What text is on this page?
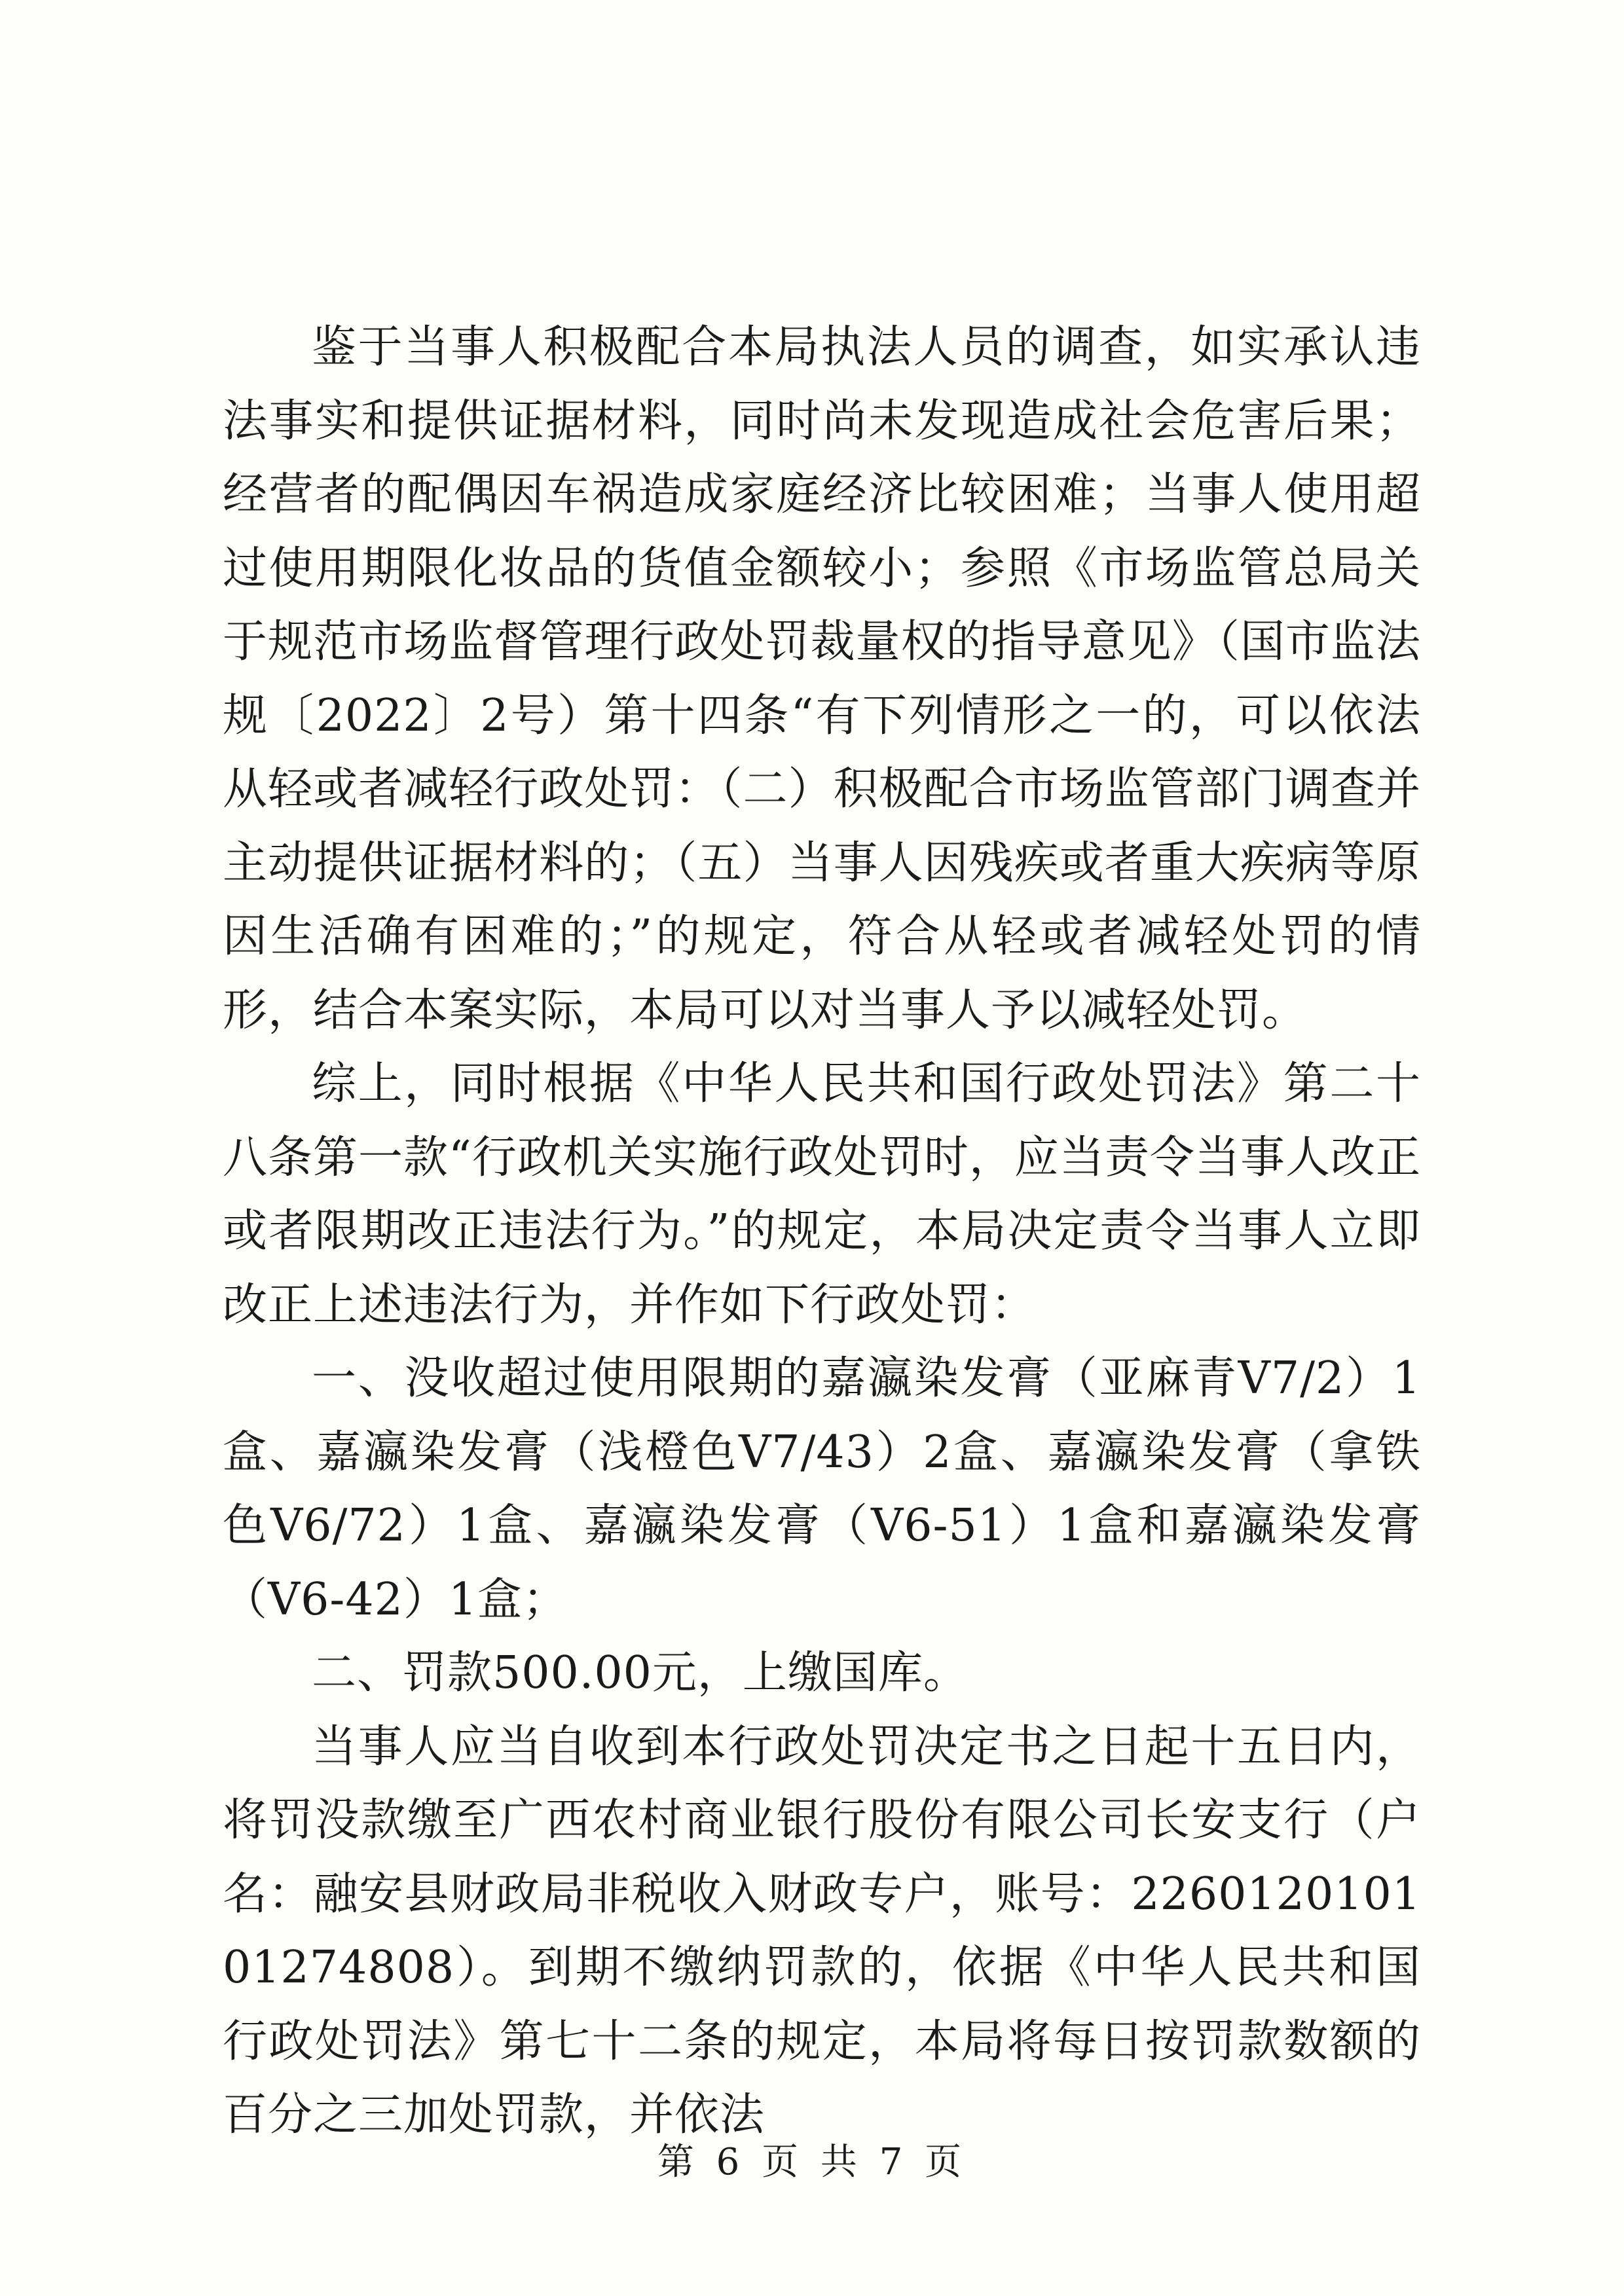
鉴于当事人积极配合本局执法人员的调查，如实承认违法事实和提供证据材料，同时尚未发现造成社会危害后果；经营者的配偶因车祸造成家庭经济比较困难；当事人使用超过使用期限化妆品的货值金额较小；参照《市场监管总局关于规范市场监督管理行政处罚裁量权的指导意见》（国市监法规〔2022〕2号）第十四条“有下列情形之一的，可以依法从轻或者减轻行政处罚：（二）积极配合市场监管部门调查并主动提供证据材料的；（五）当事人因残疾或者重大疾病等原因生活确有困难的；”的规定，符合从轻或者减轻处罚的情形，结合本案实际，本局可以对当事人予以减轻处罚。

综上，同时根据《中华人民共和国行政处罚法》第二十八条第一款“行政机关实施行政处罚时，应当责令当事人改正或者限期改正违法行为。”的规定，本局决定责令当事人立即改正上述违法行为，并作如下行政处罚：

一、没收超过使用限期的嘉瀛染发膏（亚麻青V7/2）1盒、嘉瀛染发膏（浅橙色V7/43）2盒、嘉瀛染发膏（拿铁色V6/72）1盒、嘉瀛染发膏（V6-51）1盒和嘉瀛染发膏（V6-42）1盒；

二、罚款500.00元，上缴国库。

当事人应当自收到本行政处罚决定书之日起十五日内，将罚没款缴至广西农村商业银行股份有限公司长安支行（户名：融安县财政局非税收入财政专户，账号：226012010101274808）。到期不缴纳罚款的，依据《中华人民共和国行政处罚法》第七十二条的规定，本局将每日按罚款数额的百分之三加处罚款，并依法

第 6 页 共 7 页
